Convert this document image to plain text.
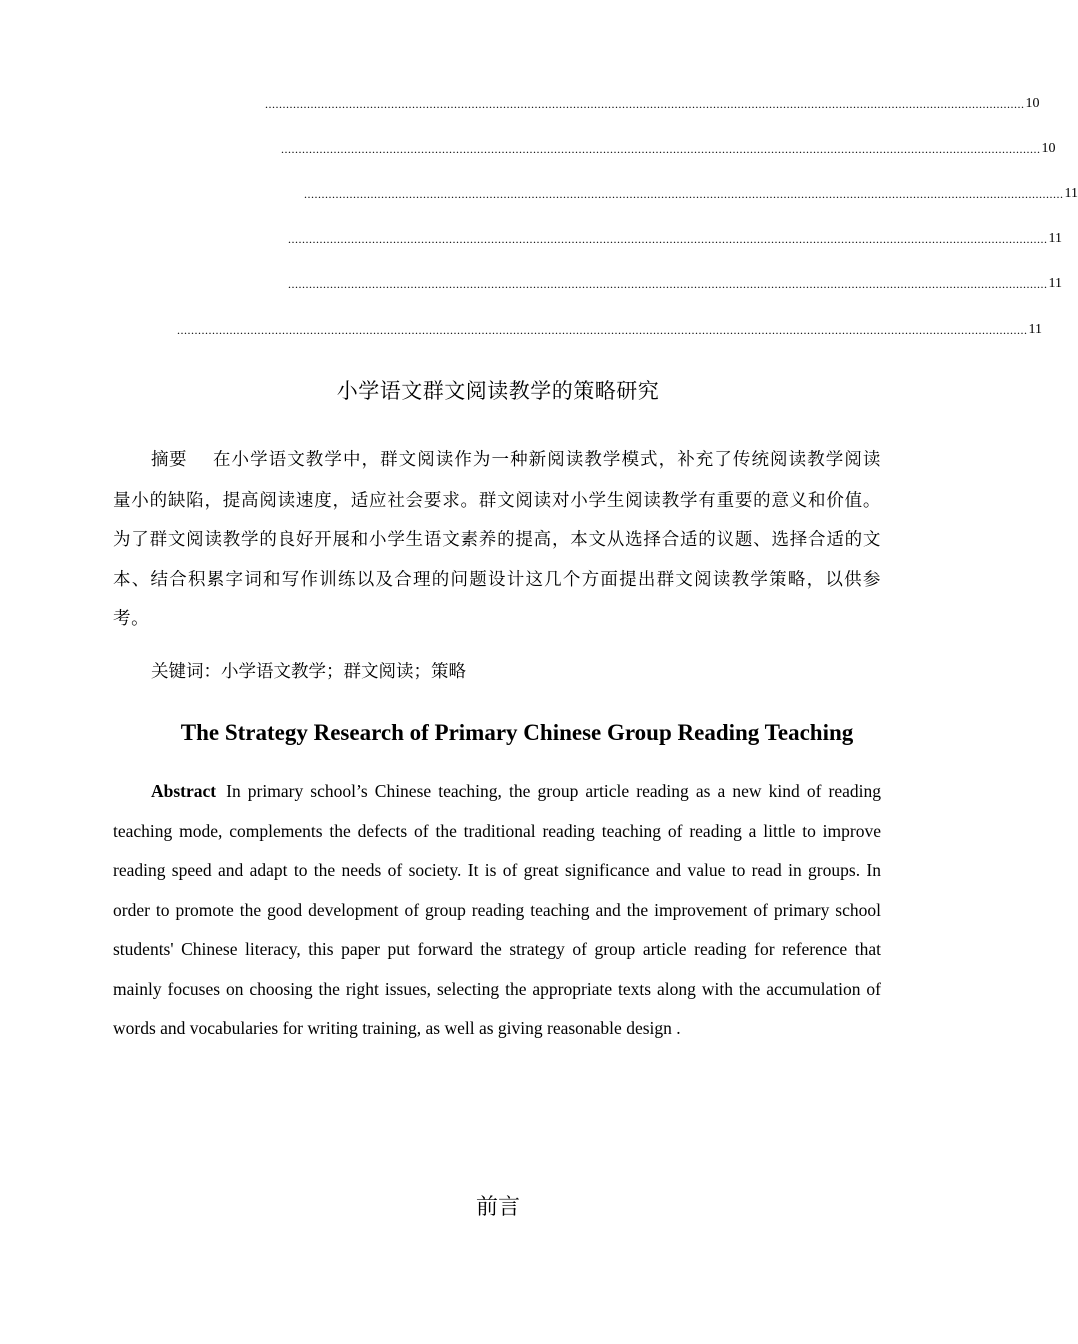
......................................................................................................................................................................................................................... 10
......................................................................................................................................................................................................................... 10
......................................................................................................................................................................................................................... 11
......................................................................................................................................................................................................................... 11
......................................................................................................................................................................................................................... 11
................................................................................................................................................................................................................................................... 11
小学语文群文阅读教学的策略研究
摘要 在小学语文教学中，群文阅读作为一种新阅读教学模式，补充了传统阅读教学阅读量小的缺陷，提高阅读速度，适应社会要求。群文阅读对小学生阅读教学有重要的意义和价值。为了群文阅读教学的良好开展和小学生语文素养的提高，本文从选择合适的议题、选择合适的文本、结合积累字词和写作训练以及合理的问题设计这几个方面提出群文阅读教学策略，以供参考。
关键词：小学语文教学；群文阅读；策略
The Strategy Research of Primary Chinese Group Reading Teaching
Abstract In primary school’s Chinese teaching, the group article reading as a new kind of reading teaching mode, complements the defects of the traditional reading teaching of reading a little to improve reading speed and adapt to the needs of society. It is of great significance and value to read in groups. In order to promote the good development of group reading teaching and the improvement of primary school students' Chinese literacy, this paper put forward the strategy of group article reading for reference that mainly focuses on choosing the right issues, selecting the appropriate texts along with the accumulation of words and vocabularies for writing training, as well as giving reasonable design .
前言
